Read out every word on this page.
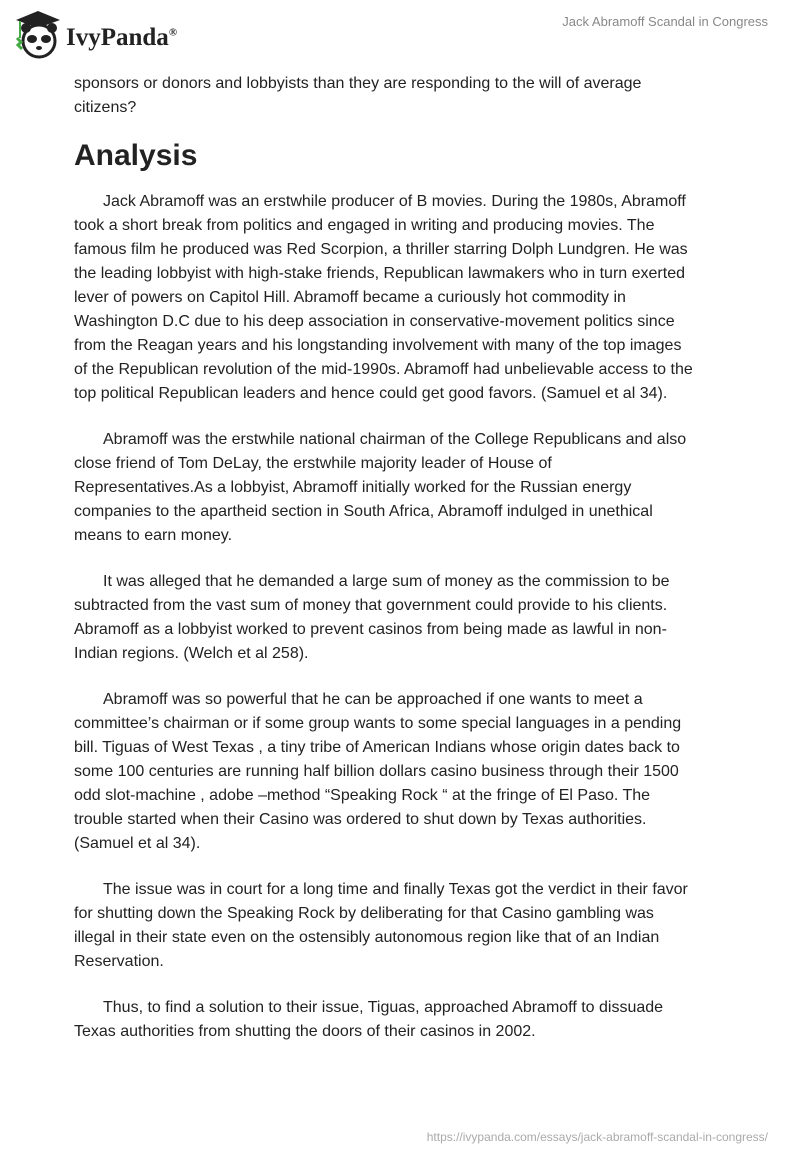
IvyPanda®
Jack Abramoff Scandal in Congress
sponsors or donors and lobbyists than they are responding to the will of average
citizens?
Analysis
Jack Abramoff was an erstwhile producer of B movies. During the 1980s, Abramoff
took a short break from politics and engaged in writing and producing movies. The
famous film he produced was Red Scorpion, a thriller starring Dolph Lundgren. He was
the leading lobbyist with high-stake friends, Republican lawmakers who in turn exerted
lever of powers on Capitol Hill. Abramoff became a curiously hot commodity in
Washington D.C due to his deep association in conservative-movement politics since
from the Reagan years and his longstanding involvement with many of the top images
of the Republican revolution of the mid-1990s. Abramoff had unbelievable access to the
top political Republican leaders and hence could get good favors. (Samuel et al 34).
Abramoff was the erstwhile national chairman of the College Republicans and also
close friend of Tom DeLay, the erstwhile majority leader of House of
Representatives.As a lobbyist, Abramoff initially worked for the Russian energy
companies to the apartheid section in South Africa, Abramoff indulged in unethical
means to earn money.
It was alleged that he demanded a large sum of money as the commission to be
subtracted from the vast sum of money that government could provide to his clients.
Abramoff as a lobbyist worked to prevent casinos from being made as lawful in non-
Indian regions. (Welch et al 258).
Abramoff was so powerful that he can be approached if one wants to meet a
committee’s chairman or if some group wants to some special languages in a pending
bill. Tiguas of West Texas , a tiny tribe of American Indians whose origin dates back to
some 100 centuries are running half billion dollars casino business through their 1500
odd slot-machine , adobe –method “Speaking Rock “ at the fringe of El Paso. The
trouble started when their Casino was ordered to shut down by Texas authorities.
(Samuel et al 34).
The issue was in court for a long time and finally Texas got the verdict in their favor
for shutting down the Speaking Rock by deliberating for that Casino gambling was
illegal in their state even on the ostensibly autonomous region like that of an Indian
Reservation.
Thus, to find a solution to their issue, Tiguas, approached Abramoff to dissuade
Texas authorities from shutting the doors of their casinos in 2002.
https://ivypanda.com/essays/jack-abramoff-scandal-in-congress/
